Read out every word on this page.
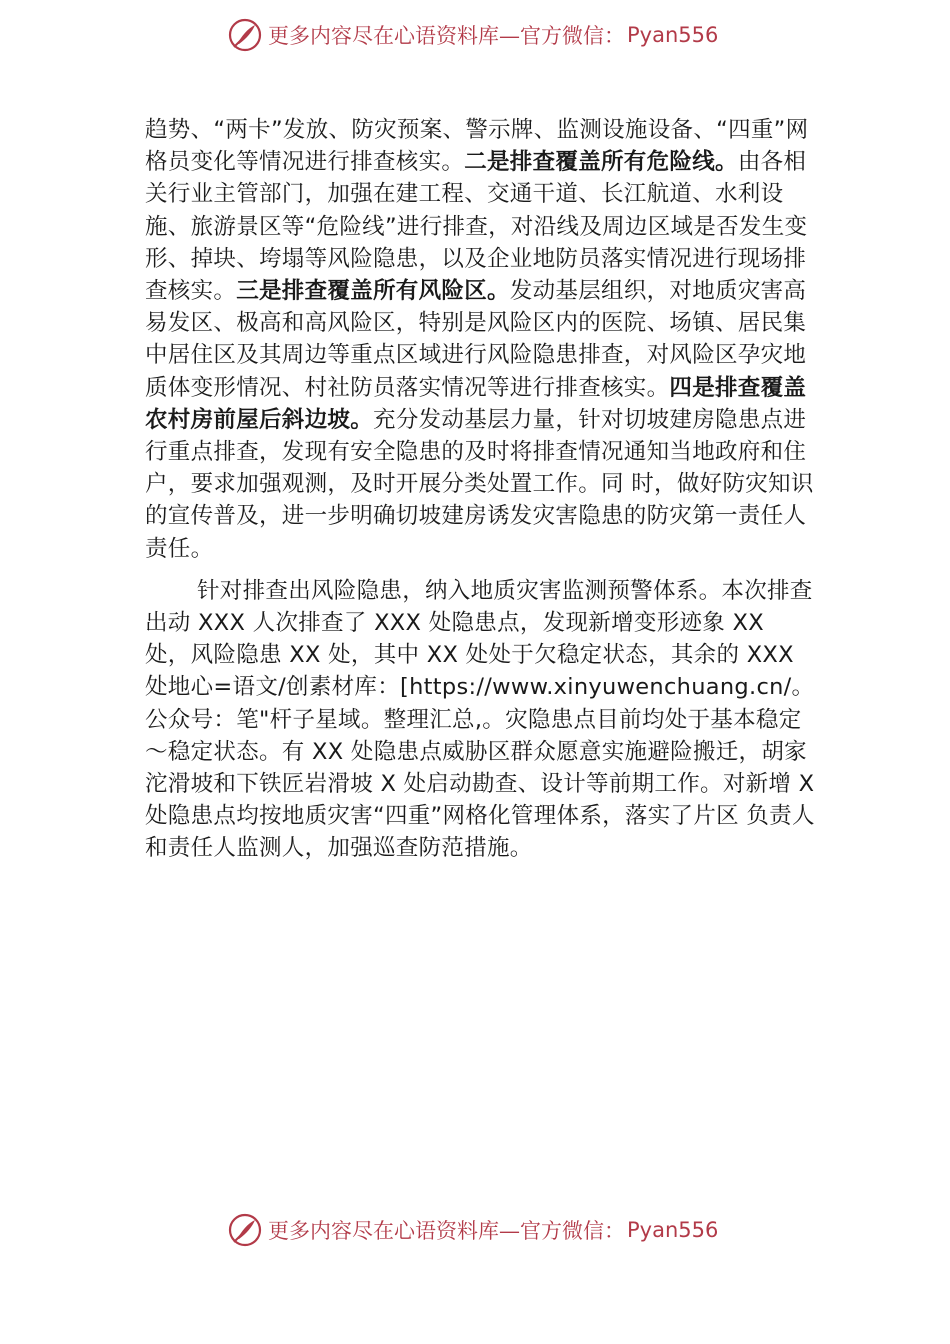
更多内容尽在心语资料库—官方微信： Pyan556

趋势、“两卡”发放、防灾预案、警示牌、监测设施设备、“四重”网格员变化等情况进行排查核实。二是排查覆盖所有危险线。由各相关行业主管部门，加强在建工程、交通干道、长江航道、水利设施、旅游景区等“危险线”进行排查，对沿线及周边区域是否发生变形、掉块、垮塌等风险隐患，以及企业地防员落实情况进行现场排查核实。三是排查覆盖所有风险区。发动基层组织，对地质灾害高易发区、极高和高风险区，特别是风险区内的医院、场镇、居民集中居住区及其周边等重点区域进行风险隐患排查，对风险区孕灾地质体变形情况、村社防员落实情况等进行排查核实。四是排查覆盖农村房前屋后斜边坡。充分发动基层力量，针对切坡建房隐患点进行重点排查，发现有安全隐患的及时将排查情况通知当地政府和住户，要求加强观测，及时开展分类处置工作。同 时，做好防灾知识的宣传普及，进一步明确切坡建房诱发灾害隐患的防灾第一责任人责任。

针对排查出风险隐患，纳入地质灾害监测预警体系。本次排查出动 XXX 人次排查了 XXX 处隐患点，发现新增变形迹象 XX 处，风险隐患 XX 处，其中 XX 处处于欠稳定状态，其余的 XXX 处地心=语文/创素材库：[https://www.xinyuwenchuang.cn/。公众号：笔"杆子星域。整理汇总,。灾隐患点目前均处于基本稳定～稳定状态。有 XX 处隐患点威胁区群众愿意实施避险搬迁，胡家沱滑坡和下铁匠岩滑坡 X 处启动勘查、设计等前期工作。对新增 X 处隐患点均按地质灾害“四重”网格化管理体系，落实了片区 负责人和责任人监测人，加强巡查防范措施。

更多内容尽在心语资料库—官方微信： Pyan556
